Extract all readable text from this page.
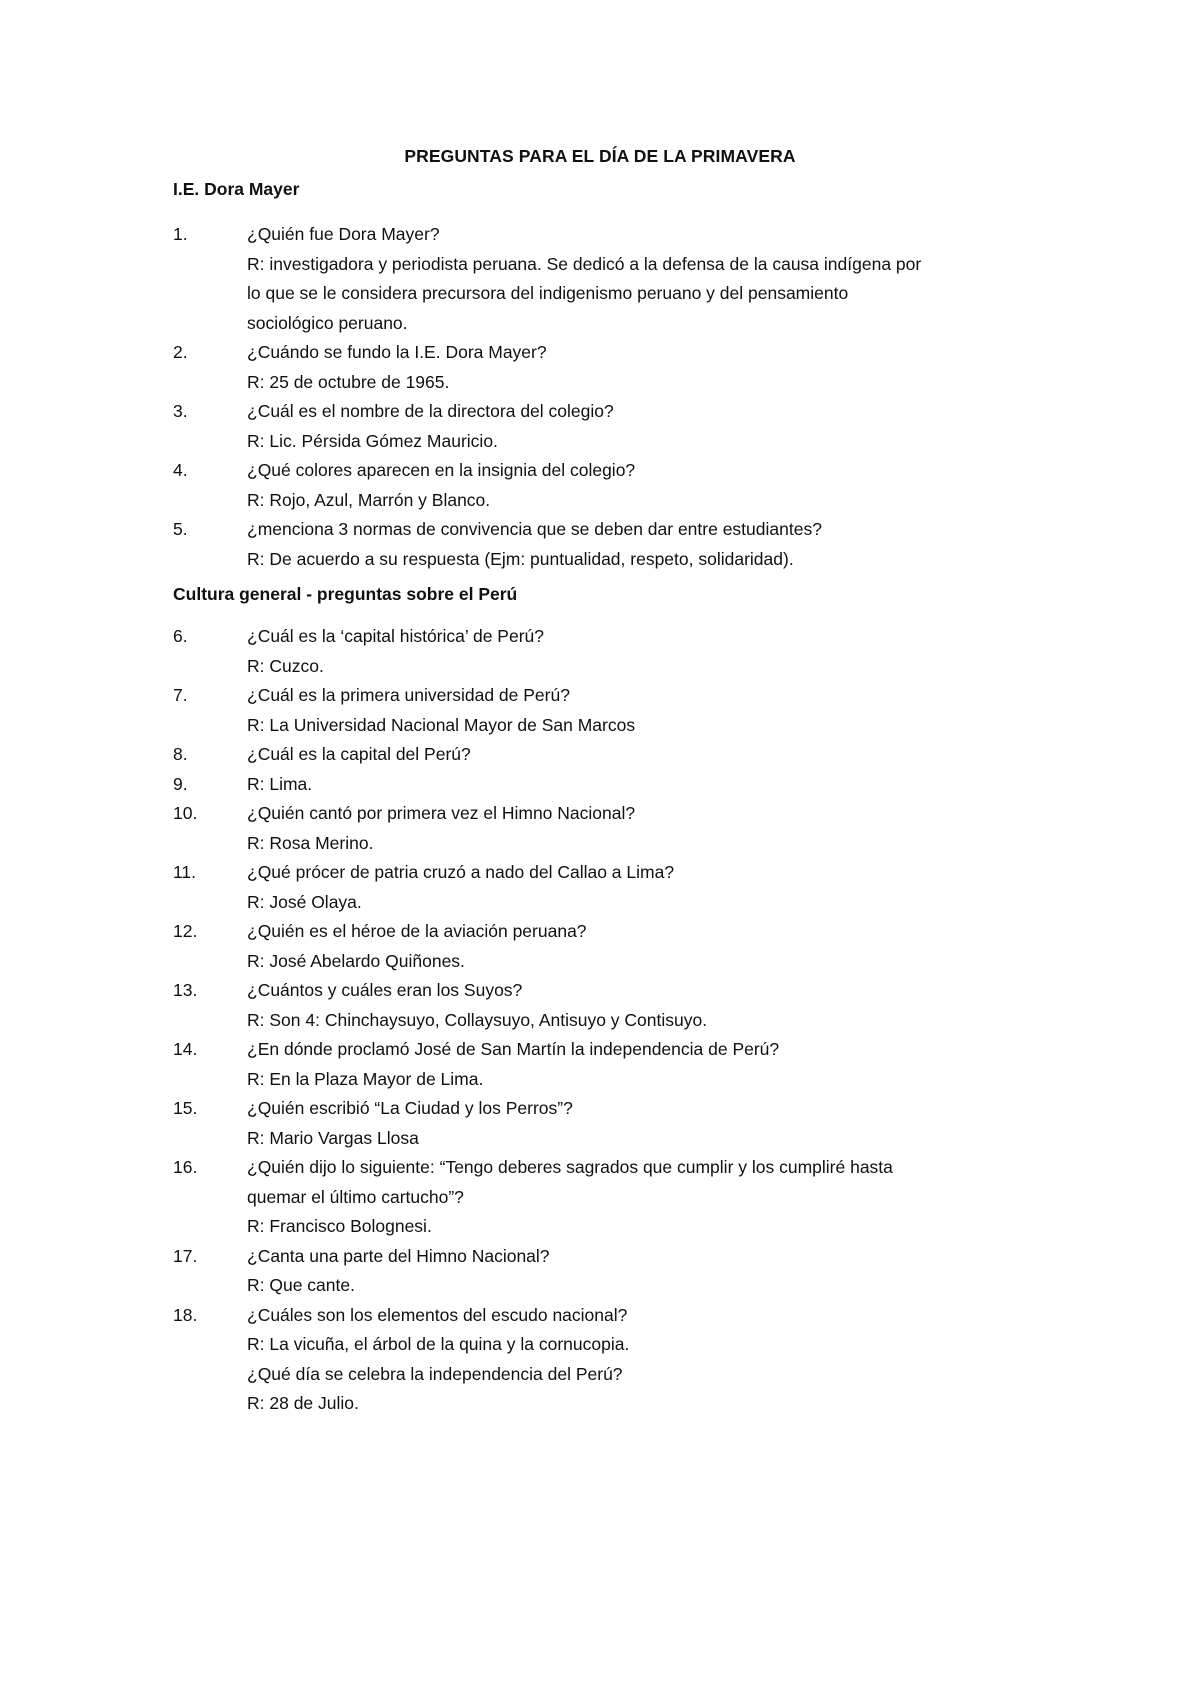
PREGUNTAS PARA EL DÍA DE LA PRIMAVERA
I.E. Dora Mayer
1.	¿Quién fue Dora Mayer?
R: investigadora y periodista peruana. Se dedicó a la defensa de la causa indígena por
lo que se le considera precursora del indigenismo peruano y del pensamiento
sociológico peruano.
2.	¿Cuándo se fundo la I.E. Dora Mayer?
R: 25 de octubre de 1965.
3.	¿Cuál es el nombre de la directora del colegio?
R: Lic. Pérsida Gómez Mauricio.
4.	¿Qué colores aparecen en la insignia del colegio?
R: Rojo, Azul, Marrón y Blanco.
5.	¿menciona 3 normas de convivencia que se deben dar entre estudiantes?
R: De acuerdo a su respuesta (Ejm: puntualidad, respeto, solidaridad).
Cultura general - preguntas sobre el Perú
6.	¿Cuál es la ‘capital histórica’ de Perú?
R: Cuzco.
7.	¿Cuál es la primera universidad de Perú?
R: La Universidad Nacional Mayor de San Marcos
8.	¿Cuál es la capital del Perú?
9.	R: Lima.
10.	¿Quién cantó por primera vez el Himno Nacional?
R: Rosa Merino.
11.	¿Qué prócer de patria cruzó a nado del Callao a Lima?
R: José Olaya.
12.	¿Quién es el héroe de la aviación peruana?
R: José Abelardo Quiñones.
13.	¿Cuántos y cuáles eran los Suyos?
R: Son 4: Chinchaysuyo, Collaysuyo, Antisuyo y Contisuyo.
14.	¿En dónde proclamó José de San Martín la independencia de Perú?
R: En la Plaza Mayor de Lima.
15.	¿Quién escribió “La Ciudad y los Perros”?
R: Mario Vargas Llosa
16.	¿Quién dijo lo siguiente: “Tengo deberes sagrados que cumplir y los cumpliré hasta
quemar el último cartucho”?
R: Francisco Bolognesi.
17.	¿Canta una parte del Himno Nacional?
R: Que cante.
18.	¿Cuáles son los elementos del escudo nacional?
R: La vicuña, el árbol de la quina y la cornucopia.
¿Qué día se celebra la independencia del Perú?
R: 28 de Julio.
